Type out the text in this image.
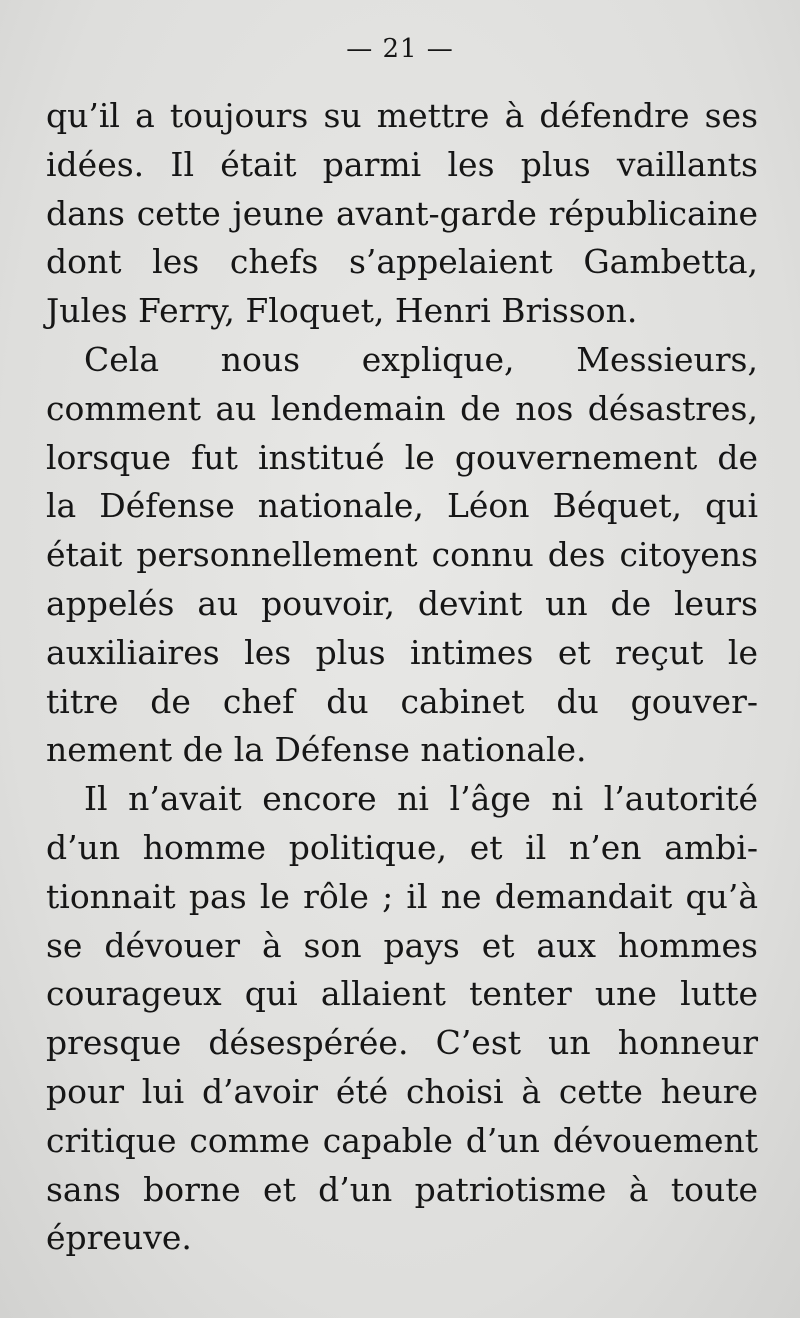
— 21 —
qu’il a toujours su mettre à défendre ses
idées. Il était parmi les plus vaillants
dans cette jeune avant-garde républicaine
dont les chefs s’appelaient Gambetta,
Jules Ferry, Floquet, Henri Brisson.
Cela nous explique, Messieurs,
comment au lendemain de nos désastres,
lorsque fut institué le gouvernement de
la Défense nationale, Léon Béquet, qui
était personnellement connu des citoyens
appelés au pouvoir, devint un de leurs
auxiliaires les plus intimes et reçut le
titre de chef du cabinet du gouver-
nement de la Défense nationale.
Il n’avait encore ni l’âge ni l’autorité
d’un homme politique, et il n’en ambi-
tionnait pas le rôle ; il ne demandait qu’à
se dévouer à son pays et aux hommes
courageux qui allaient tenter une lutte
presque désespérée. C’est un honneur
pour lui d’avoir été choisi à cette heure
critique comme capable d’un dévouement
sans borne et d’un patriotisme à toute
épreuve.
